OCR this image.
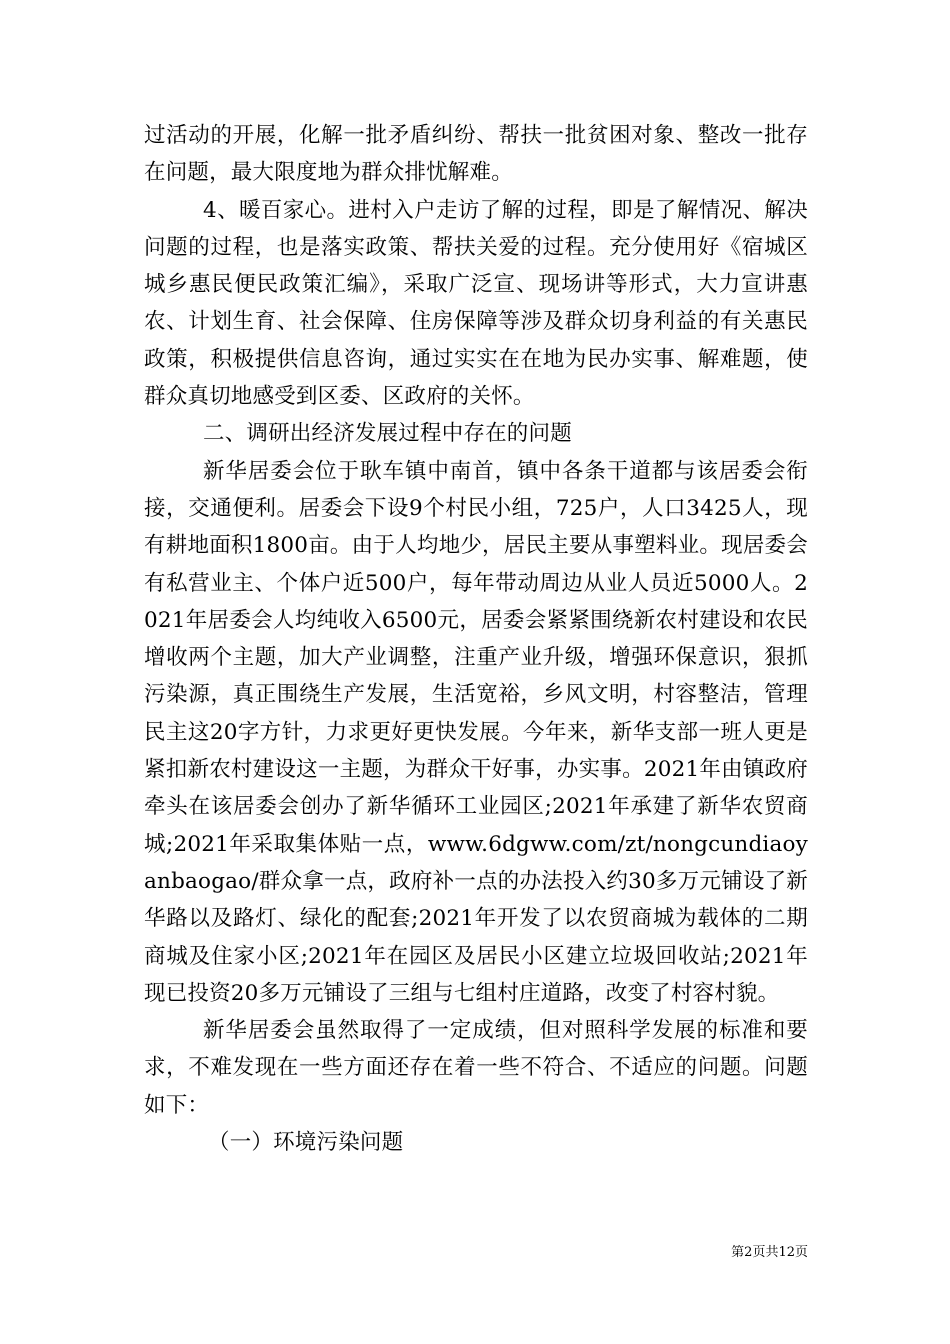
过活动的开展，化解一批矛盾纠纷、帮扶一批贫困对象、整改一批存在问题，最大限度地为群众排忧解难。

4、暖百家心。进村入户走访了解的过程，即是了解情况、解决问题的过程，也是落实政策、帮扶关爱的过程。充分使用好《宿城区城乡惠民便民政策汇编》，采取广泛宣、现场讲等形式，大力宣讲惠农、计划生育、社会保障、住房保障等涉及群众切身利益的有关惠民政策，积极提供信息咨询，通过实实在在地为民办实事、解难题，使群众真切地感受到区委、区政府的关怀。

二、调研出经济发展过程中存在的问题

新华居委会位于耿车镇中南首，镇中各条干道都与该居委会衔接，交通便利。居委会下设9个村民小组，725户，人口3425人，现有耕地面积1800亩。由于人均地少，居民主要从事塑料业。现居委会有私营业主、个体户近500户，每年带动周边从业人员近5000人。2021年居委会人均纯收入6500元，居委会紧紧围绕新农村建设和农民增收两个主题，加大产业调整，注重产业升级，增强环保意识，狠抓污染源，真正围绕生产发展，生活宽裕，乡风文明，村容整洁，管理民主这20字方针，力求更好更快发展。今年来，新华支部一班人更是紧扣新农村建设这一主题，为群众干好事，办实事。2021年由镇政府牵头在该居委会创办了新华循环工业园区;2021年承建了新华农贸商城;2021年采取集体贴一点，www.6dgww.com/zt/nongcundiaoyanbaogao/群众拿一点，政府补一点的办法投入约30多万元铺设了新华路以及路灯、绿化的配套;2021年开发了以农贸商城为载体的二期商城及住家小区;2021年在园区及居民小区建立垃圾回收站;2021年现已投资20多万元铺设了三组与七组村庄道路，改变了村容村貌。

新华居委会虽然取得了一定成绩，但对照科学发展的标准和要求，不难发现在一些方面还存在着一些不符合、不适应的问题。问题如下：

（一）环境污染问题

第2页共12页
